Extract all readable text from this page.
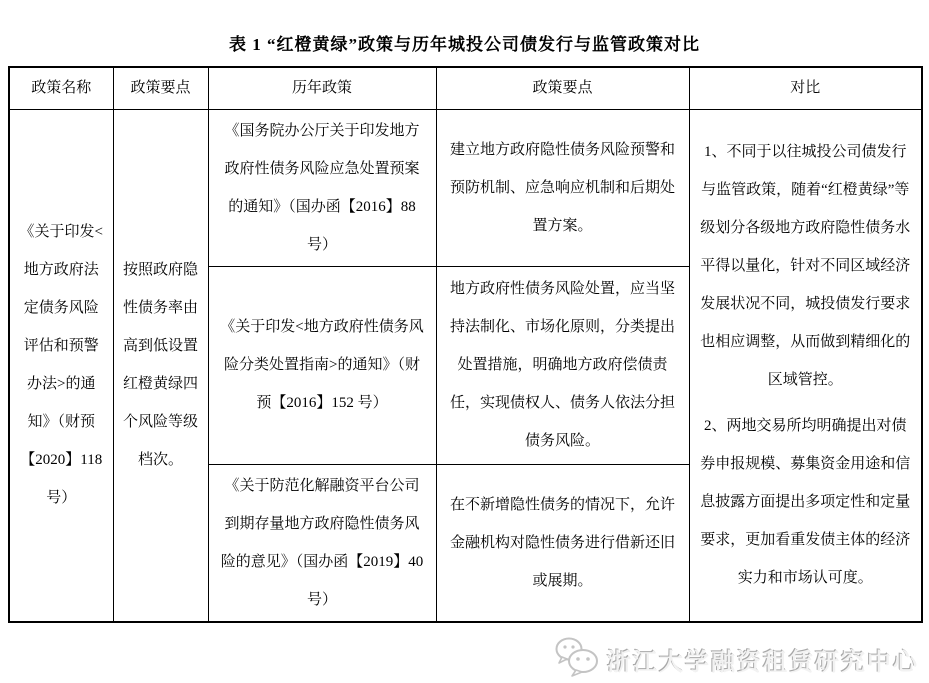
表 1 “红橙黄绿”政策与历年城投公司债发行与监管政策对比
政策名称	政策要点	历年政策	政策要点	对比
《关于印发<地方政府法定债务风险评估和预警办法>的通知》（财预【2020】118 号）	按照政府隐性债务率由高到低设置红橙黄绿四个风险等级档次。	《国务院办公厅关于印发地方政府性债务风险应急处置预案的通知》（国办函【2016】88 号）	建立地方政府隐性债务风险预警和预防机制、应急响应机制和后期处置方案。	1、不同于以往城投公司债发行与监管政策，随着“红橙黄绿”等级划分各级地方政府隐性债务水平得以量化，针对不同区域经济发展状况不同，城投债发行要求也相应调整，从而做到精细化的区域管控。

2、两地交易所均明确提出对债券申报规模、募集资金用途和信息披露方面提出多项定性和定量要求，更加看重发债主体的经济实力和市场认可度。

		《关于印发<地方政府性债务风险分类处置指南>的通知》（财预【2016】152 号）	地方政府性债务风险处置，应当坚持法制化、市场化原则，分类提出处置措施，明确地方政府偿债责任，实现债权人、债务人依法分担债务风险。	
		《关于防范化解融资平台公司到期存量地方政府隐性债务风险的意见》（国办函【2019】40 号）	在不新增隐性债务的情况下，允许金融机构对隐性债务进行借新还旧或展期。	
浙江大学融资租赁研究中心
